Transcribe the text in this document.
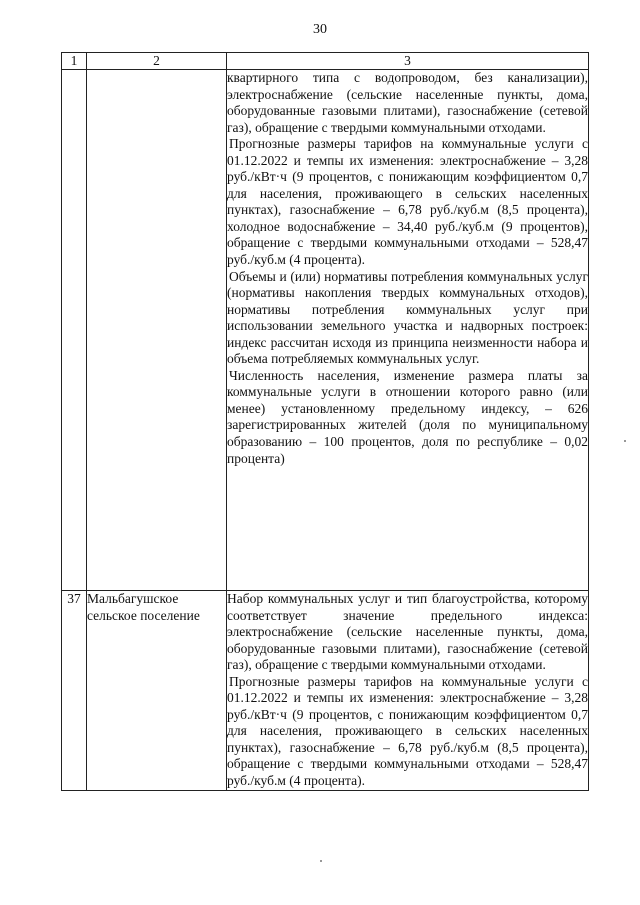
30
1	2	3

		квартирного типа с водопроводом, без канализации), электроснабжение (сельские населенные пункты, дома, оборудованные газовыми плитами), газоснабжение (сетевой газ), обращение с твердыми коммунальными отходами.

Прогнозные размеры тарифов на коммунальные услуги с 01.12.2022 и темпы их изменения: электроснабжение – 3,28 руб./кВт·ч (9 процентов, с понижающим коэффициентом 0,7 для населения, проживающего в сельских населенных пунктах), газоснабжение – 6,78 руб./куб.м (8,5 процента), холодное водоснабжение – 34,40 руб./куб.м (9 процентов), обращение с твердыми коммунальными отходами – 528,47 руб./куб.м (4 процента).

Объемы и (или) нормативы потребления коммунальных услуг (нормативы накопления твердых коммунальных отходов), нормативы потребления коммунальных услуг при использовании земельного участка и надворных построек: индекс рассчитан исходя из принципа неизменности набора и объема потребляемых коммунальных услуг.

Численность населения, изменение размера платы за коммунальные услуги в отношении которого равно (или менее) установленному предельному индексу, – 626 зарегистрированных жителей (доля по муниципальному образованию – 100 процентов, доля по республике – 0,02 процента)

37	Мальбагушское сельское поселение	Набор коммунальных услуг и тип благоустройства, которому соответствует значение предельного индекса: электроснабжение (сельские населенные пункты, дома, оборудованные газовыми плитами), газоснабжение (сетевой газ), обращение с твердыми коммунальными отходами.

Прогнозные размеры тарифов на коммунальные услуги с 01.12.2022 и темпы их изменения: электроснабжение – 3,28 руб./кВт·ч (9 процентов, с понижающим коэффициентом 0,7 для населения, проживающего в сельских населенных пунктах), газоснабжение – 6,78 руб./куб.м (8,5 процента), обращение с твердыми коммунальными отходами – 528,47 руб./куб.м (4 процента).
